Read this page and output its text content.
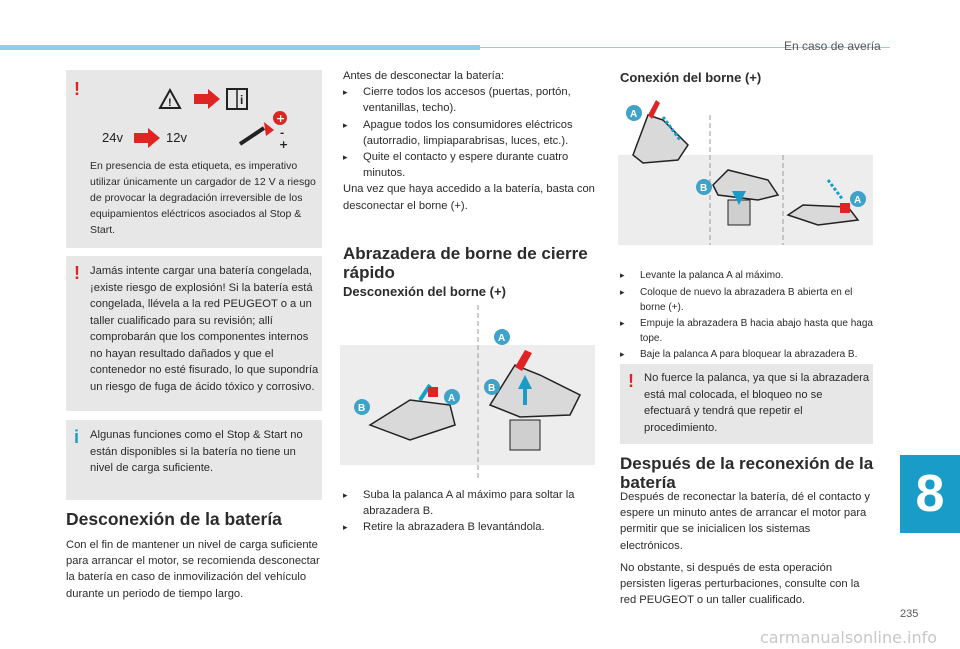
En caso de avería
8
235
carmanualsonline.info
!
!	i
24v	12v
+
-
+
En presencia de esta etiqueta, es imperativo utilizar únicamente un cargador de 12 V a riesgo de provocar la degradación irreversible de los equipamientos eléctricos asociados al Stop & Start.
! Jamás intente cargar una batería congelada, ¡existe riesgo de explosión! Si la batería está congelada, llévela a la red PEUGEOT o a un taller cualificado para su revisión; allí comprobarán que los componentes internos no hayan resultado dañados y que el contenedor no esté fisurado, lo que supondría un riesgo de fuga de ácido tóxico y corrosivo.
i Algunas funciones como el Stop & Start no están disponibles si la batería no tiene un nivel de carga suficiente.
Desconexión de la batería
Con el fin de mantener un nivel de carga suficiente para arrancar el motor, se recomienda desconectar la batería en caso de inmovilización del vehículo durante un periodo de tiempo largo.
Antes de desconectar la batería:
▸	Cierre todos los accesos (puertas, portón, ventanillas, techo).
▸	Apague todos los consumidores eléctricos (autorradio, limpiaparabrisas, luces, etc.).
▸	Quite el contacto y espere durante cuatro minutos.
Una vez que haya accedido a la batería, basta con desconectar el borne (+).
Abrazadera de borne de cierre rápido
Desconexión del borne (+)
B
A
A
B
▸	Suba la palanca A al máximo para soltar la abrazadera B.
▸	Retire la abrazadera B levantándola.
Conexión del borne (+)
A
B
A
▸	Levante la palanca A al máximo.
▸	Coloque de nuevo la abrazadera B abierta en el borne (+).
▸	Empuje la abrazadera B hacia abajo hasta que haga tope.
▸	Baje la palanca A para bloquear la abrazadera B.
! No fuerce la palanca, ya que si la abrazadera está mal colocada, el bloqueo no se efectuará y tendrá que repetir el procedimiento.
Después de la reconexión de la batería
Después de reconectar la batería, dé el contacto y espere un minuto antes de arrancar el motor para permitir que se inicialicen los sistemas electrónicos.
No obstante, si después de esta operación persisten ligeras perturbaciones, consulte con la red PEUGEOT o un taller cualificado.
